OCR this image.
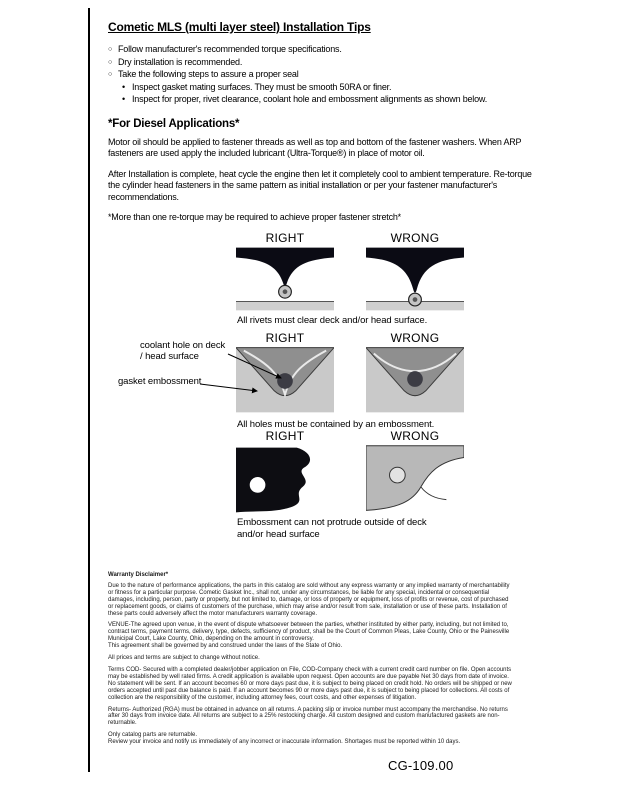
Cometic MLS (multi layer steel) Installation Tips
○ Follow manufacturer's recommended torque specifications.
○ Dry installation is recommended.
○ Take the following steps to assure a proper seal
• Inspect gasket mating surfaces. They must be smooth 50RA or finer.
• Inspect for proper, rivet clearance, coolant hole and embossment alignments as shown below.
*For Diesel Applications*
Motor oil should be applied to fastener threads as well as top and bottom of the fastener washers. When ARP fasteners are used apply the included lubricant (Ultra-Torque®) in place of motor oil.
After Installation is complete, heat cycle the engine then let it completely cool to ambient temperature. Re-torque the cylinder head fasteners in the same pattern as initial installation or per your fastener manufacturer's recommendations.
*More than one re-torque may be required to achieve proper fastener stretch*
RIGHT	WRONG
All rivets must clear deck and/or head surface.
RIGHT	WRONG
All holes must be contained by an embossment.
coolant hole on deck / head surface
gasket embossment
RIGHT	WRONG
Embossment can not protrude outside of deck and/or head surface
Warranty Disclaimer*

Due to the nature of performance applications, the parts in this catalog are sold without any express warranty or any implied warranty of merchantability or fitness for a particular purpose. Cometic Gasket Inc., shall not, under any circumstances, be liable for any special, incidental or consequential damages, including, person, party or property, but not limited to, damage, or loss of property or equipment, loss of profits or revenue, cost of purchased or replacement goods, or claims of customers of the purchase, which may arise and/or result from sale, installation or use of these parts. Installation of these parts could adversely affect the motor manufacturers warranty coverage.

VENUE-The agreed upon venue, in the event of dispute whatsoever between the parties, whether instituted by either party, including, but not limited to, contract terms, payment terms, delivery, type, defects, sufficiency of product, shall be the Court of Common Pleas, Lake County, Ohio or the Painesville Municipal Court, Lake County, Ohio, depending on the amount in controversy.

This agreement shall be governed by and construed under the laws of the State of Ohio.

All prices and terms are subject to change without notice.

Terms COD- Secured with a completed dealer/jobber application on File, COD-Company check with a current credit card number on file. Open accounts may be established by well rated firms. A credit application is available upon request. Open accounts are due payable Net 30 days from date of invoice. No statement will be sent. If an account becomes 60 or more days past due, it is subject to being placed on credit hold. No orders will be shipped or new orders accepted until past due balance is paid. If an account becomes 90 or more days past due, it is subject to being placed for collections. All costs of collection are the responsibility of the customer, including attorney fees, court costs, and other expenses of litigation.

Returns- Authorized (RGA) must be obtained in advance on all returns. A packing slip or invoice number must accompany the merchandise. No returns after 30 days from invoice date. All returns are subject to a 25% restocking charge. All custom designed and custom manufactured gaskets are non-returnable.

Only catalog parts are returnable.

Review your invoice and notify us immediately of any incorrect or inaccurate information. Shortages must be reported within 10 days.

CG-109.00
